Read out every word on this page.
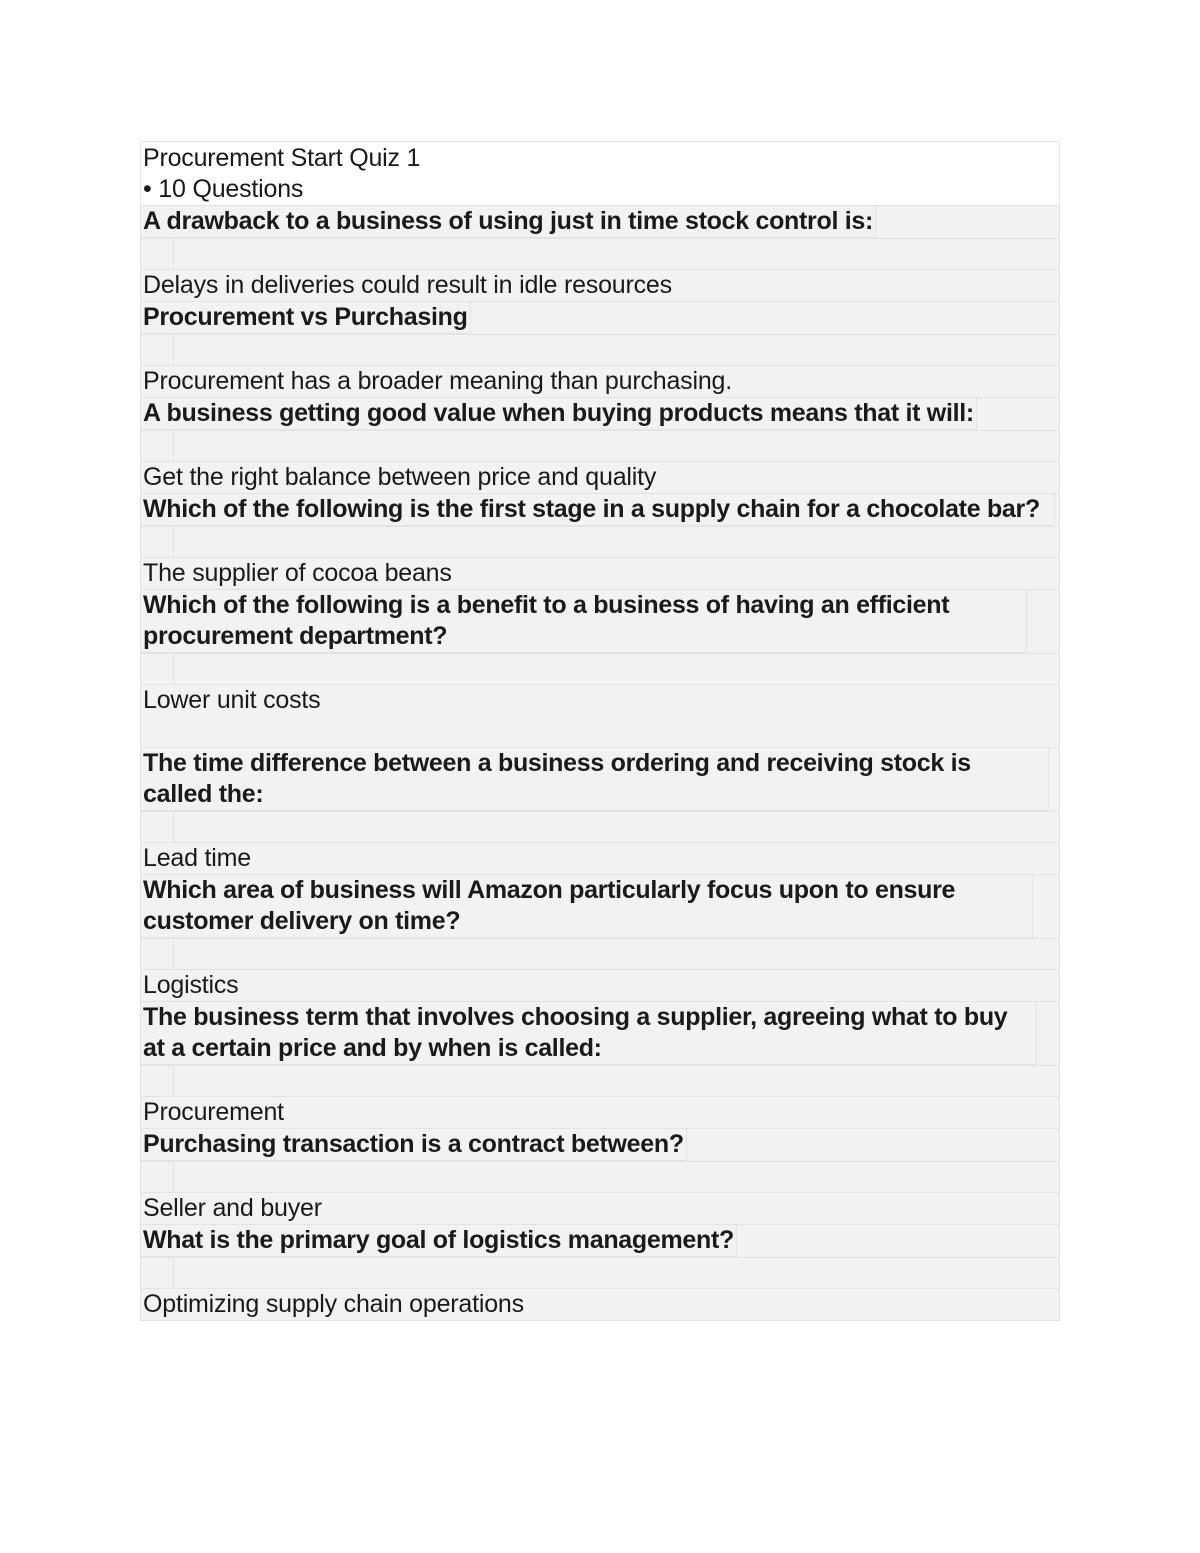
Procurement Start Quiz 1
• 10 Questions
A drawback to a business of using just in time stock control is:
Delays in deliveries could result in idle resources
Procurement vs Purchasing
Procurement has a broader meaning than purchasing.
A business getting good value when buying products means that it will:
Get the right balance between price and quality
Which of the following is the first stage in a supply chain for a chocolate bar?
The supplier of cocoa beans
Which of the following is a benefit to a business of having an efficient procurement department?
Lower unit costs
The time difference between a business ordering and receiving stock is called the:
Lead time
Which area of business will Amazon particularly focus upon to ensure customer delivery on time?
Logistics
The business term that involves choosing a supplier, agreeing what to buy at a certain price and by when is called:
Procurement
Purchasing transaction is a contract between?
Seller and buyer
What is the primary goal of logistics management?
Optimizing supply chain operations
